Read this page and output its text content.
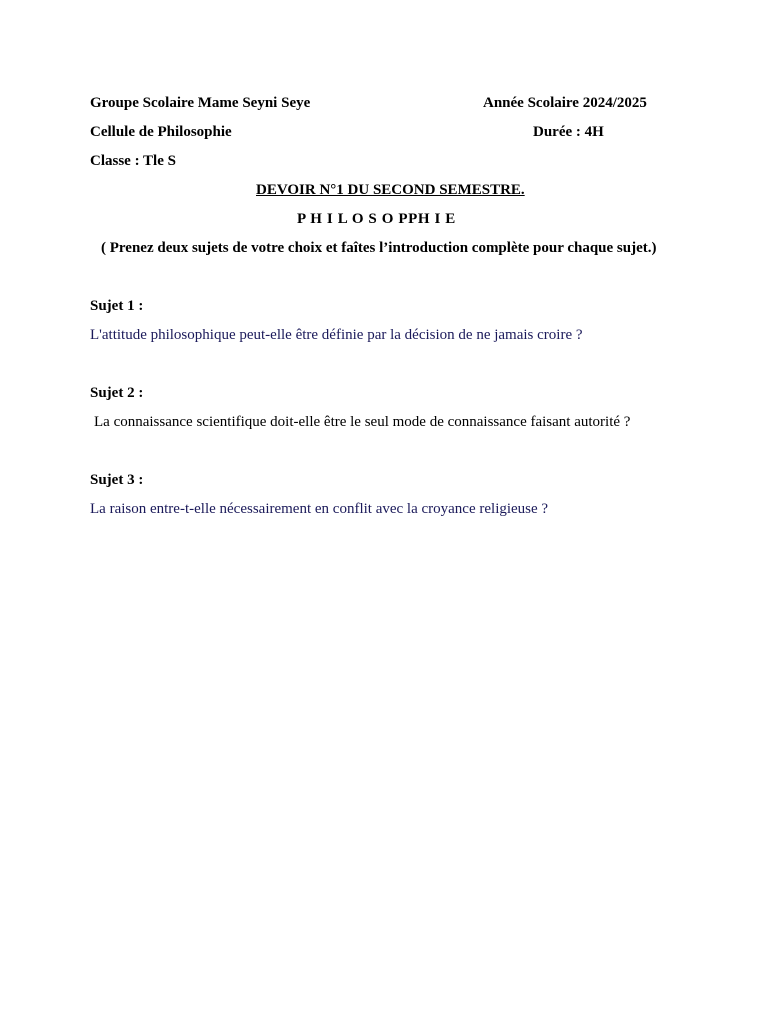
Groupe Scolaire Mame Seyni Seye	Année Scolaire 2024/2025
Cellule de Philosophie	Durée : 4H
Classe : Tle S
DEVOIR N°1 DU SECOND SEMESTRE.
P H I L O S O PPH I E
( Prenez deux sujets de votre choix et faîtes l’introduction complète pour chaque sujet.)
Sujet 1 :
L'attitude philosophique peut-elle être définie par la décision de ne jamais croire ?
Sujet 2 :
La connaissance scientifique doit-elle être le seul mode de connaissance faisant autorité ?
Sujet 3 :
La raison entre-t-elle nécessairement en conflit avec la croyance religieuse ?
